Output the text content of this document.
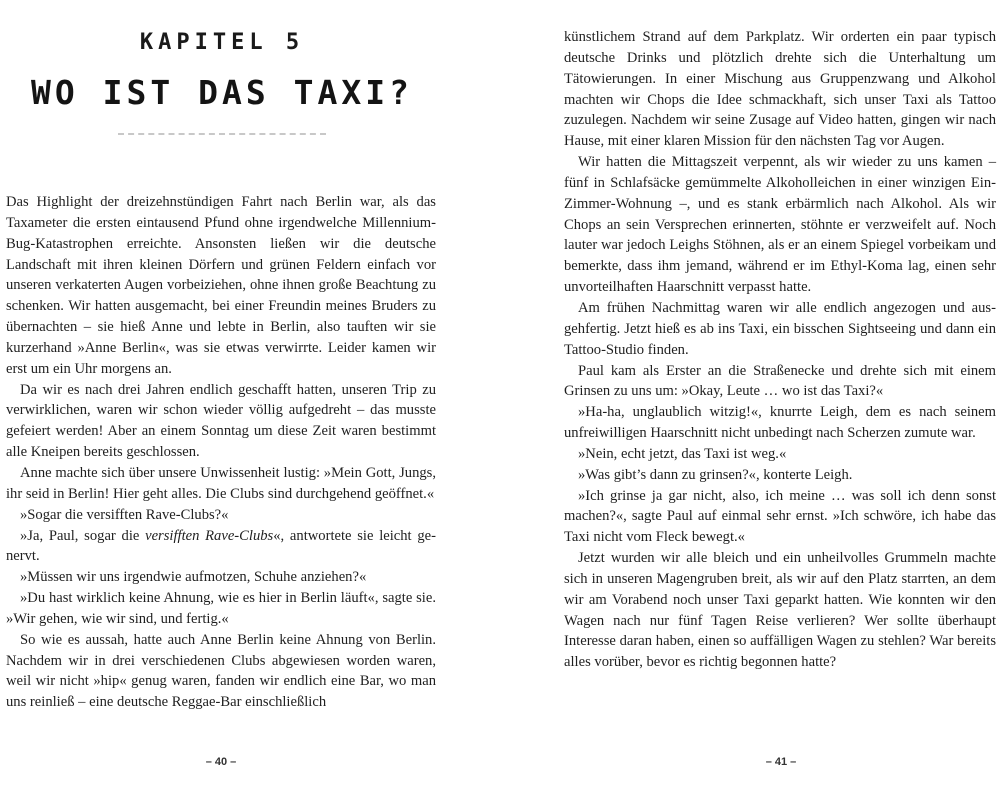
KAPITEL 5
WO IST DAS TAXI?

Das Highlight der dreizehnstündigen Fahrt nach Berlin war, als das Taxameter die ersten eintausend Pfund ohne irgendwelche Millennium-Bug-Katastrophen erreichte. Ansonsten ließen wir die deutsche Landschaft mit ihren kleinen Dörfern und grünen Feldern einfach vor unseren verkaterten Augen vorbeiziehen, ohne ihnen große Beachtung zu schenken. Wir hatten ausgemacht, bei einer Freundin meines Bruders zu übernachten – sie hieß Anne und lebte in Berlin, also tauften wir sie kurzerhand »Anne Berlin«, was sie etwas verwirrte. Leider kamen wir erst um ein Uhr morgens an.

Da wir es nach drei Jahren endlich geschafft hatten, unseren Trip zu verwirklichen, waren wir schon wieder völlig aufgedreht – das musste gefeiert werden! Aber an einem Sonntag um diese Zeit waren bestimmt alle Kneipen bereits geschlossen.

Anne machte sich über unsere Unwissenheit lustig: »Mein Gott, Jungs, ihr seid in Berlin! Hier geht alles. Die Clubs sind durchgehend geöffnet.«

»Sogar die versifften Rave-Clubs?«

»Ja, Paul, sogar die versifften Rave-Clubs«, antwortete sie leicht genervt.

»Müssen wir uns irgendwie aufmotzen, Schuhe anziehen?«

»Du hast wirklich keine Ahnung, wie es hier in Berlin läuft«, sagte sie. »Wir gehen, wie wir sind, und fertig.«

So wie es aussah, hatte auch Anne Berlin keine Ahnung von Berlin. Nachdem wir in drei verschiedenen Clubs abgewiesen worden waren, weil wir nicht »hip« genug waren, fanden wir endlich eine Bar, wo man uns reinließ – eine deutsche Reggae-Bar einschließlich

– 40 –

künstlichem Strand auf dem Parkplatz. Wir orderten ein paar typisch deutsche Drinks und plötzlich drehte sich die Unterhaltung um Tätowierungen. In einer Mischung aus Gruppenzwang und Alkohol machten wir Chops die Idee schmackhaft, sich unser Taxi als Tattoo zuzulegen. Nachdem wir seine Zusage auf Video hatten, gingen wir nach Hause, mit einer klaren Mission für den nächsten Tag vor Augen.

Wir hatten die Mittagszeit verpennt, als wir wieder zu uns kamen – fünf in Schlafsäcke gemümmelte Alkoholleichen in einer winzigen Ein-Zimmer-Wohnung –, und es stank erbärmlich nach Alkohol. Als wir Chops an sein Versprechen erinnerten, stöhnte er verzweifelt auf. Noch lauter war jedoch Leighs Stöhnen, als er an einem Spiegel vorbeikam und bemerkte, dass ihm jemand, während er im Ethyl-Koma lag, einen sehr unvorteilhaften Haarschnitt verpasst hatte.

Am frühen Nachmittag waren wir alle endlich angezogen und ausgehfertig. Jetzt hieß es ab ins Taxi, ein bisschen Sightseeing und dann ein Tattoo-Studio finden.

Paul kam als Erster an die Straßenecke und drehte sich mit einem Grinsen zu uns um: »Okay, Leute … wo ist das Taxi?«

»Ha-ha, unglaublich witzig!«, knurrte Leigh, dem es nach seinem unfreiwilligen Haarschnitt nicht unbedingt nach Scherzen zumute war.

»Nein, echt jetzt, das Taxi ist weg.«

»Was gibt’s dann zu grinsen?«, konterte Leigh.

»Ich grinse ja gar nicht, also, ich meine … was soll ich denn sonst machen?«, sagte Paul auf einmal sehr ernst. »Ich schwöre, ich habe das Taxi nicht vom Fleck bewegt.«

Jetzt wurden wir alle bleich und ein unheilvolles Grummeln machte sich in unseren Magengruben breit, als wir auf den Platz starrten, an dem wir am Vorabend noch unser Taxi geparkt hatten. Wie konnten wir den Wagen nach nur fünf Tagen Reise verlieren? Wer sollte überhaupt Interesse daran haben, einen so auffälligen Wagen zu stehlen? War bereits alles vorüber, bevor es richtig begonnen hatte?

– 41 –
